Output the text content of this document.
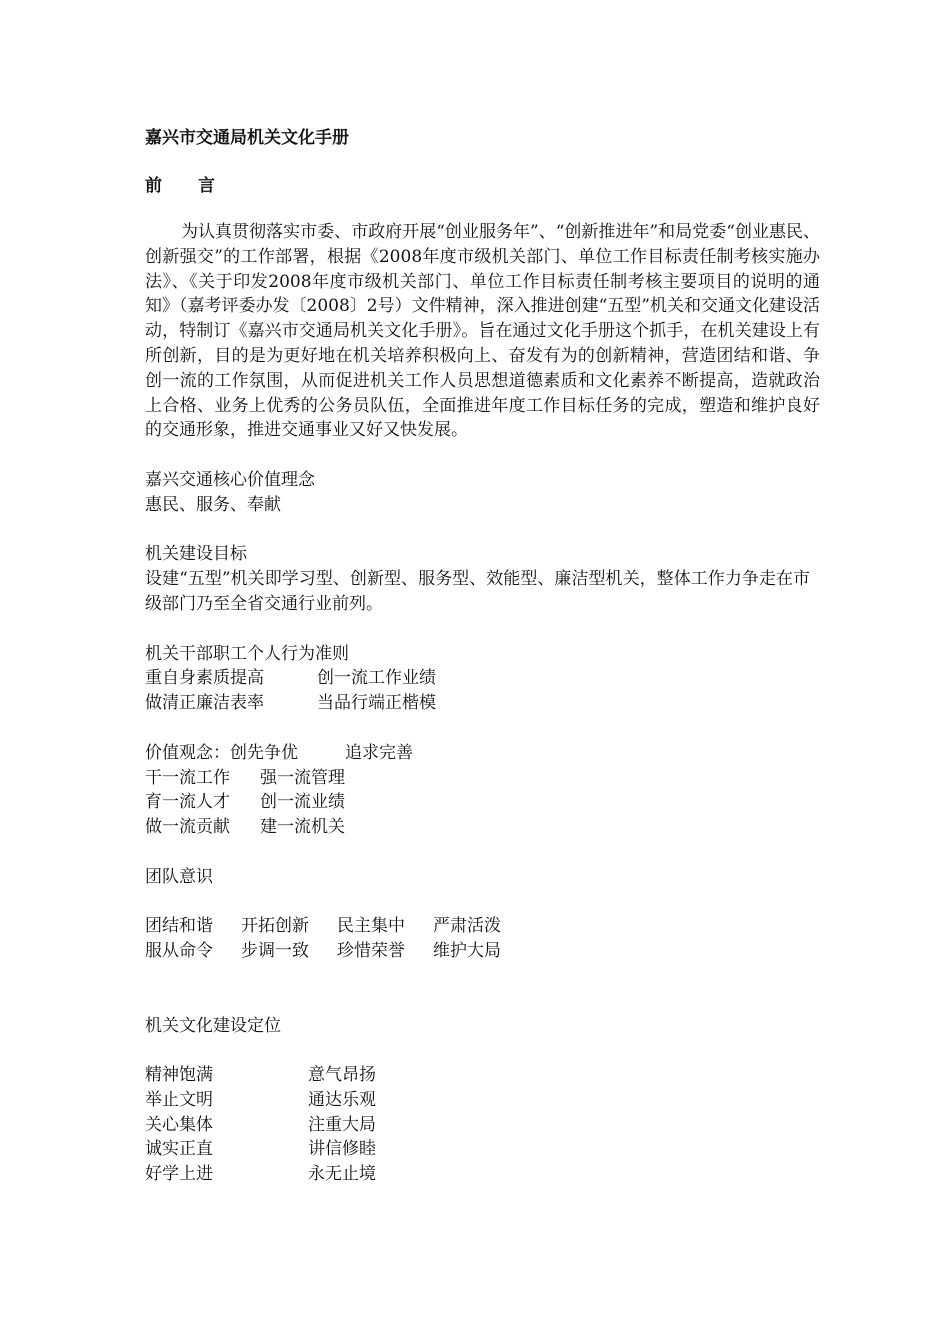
嘉兴市交通局机关文化手册
前 言
为认真贯彻落实市委、市政府开展“创业服务年”、“创新推进年”和局党委“创业惠民、创新强交”的工作部署，根据《2008年度市级机关部门、单位工作目标责任制考核实施办法》、《关于印发2008年度市级机关部门、单位工作目标责任制考核主要项目的说明的通知》（嘉考评委办发〔2008〕2号）文件精神，深入推进创建“五型”机关和交通文化建设活动，特制订《嘉兴市交通局机关文化手册》。旨在通过文化手册这个抓手，在机关建设上有所创新，目的是为更好地在机关培养积极向上、奋发有为的创新精神，营造团结和谐、争创一流的工作氛围，从而促进机关工作人员思想道德素质和文化素养不断提高，造就政治上合格、业务上优秀的公务员队伍，全面推进年度工作目标任务的完成，塑造和维护良好的交通形象，推进交通事业又好又快发展。
嘉兴交通核心价值理念
惠民、服务、奉献
机关建设目标
设建“五型”机关即学习型、创新型、服务型、效能型、廉洁型机关，整体工作力争走在市级部门乃至全省交通行业前列。
机关干部职工个人行为准则
重自身素质提高	创一流工作业绩
做清正廉洁表率	当品行端正楷模
价值观念：创先争优	追求完善
干一流工作 强一流管理
育一流人才 创一流业绩
做一流贡献 建一流机关
团队意识
团结和谐 开拓创新 民主集中 严肃活泼
服从命令 步调一致 珍惜荣誉 维护大局
机关文化建设定位
精神饱满	意气昂扬
举止文明	通达乐观
关心集体	注重大局
诚实正直	讲信修睦
好学上进	永无止境
